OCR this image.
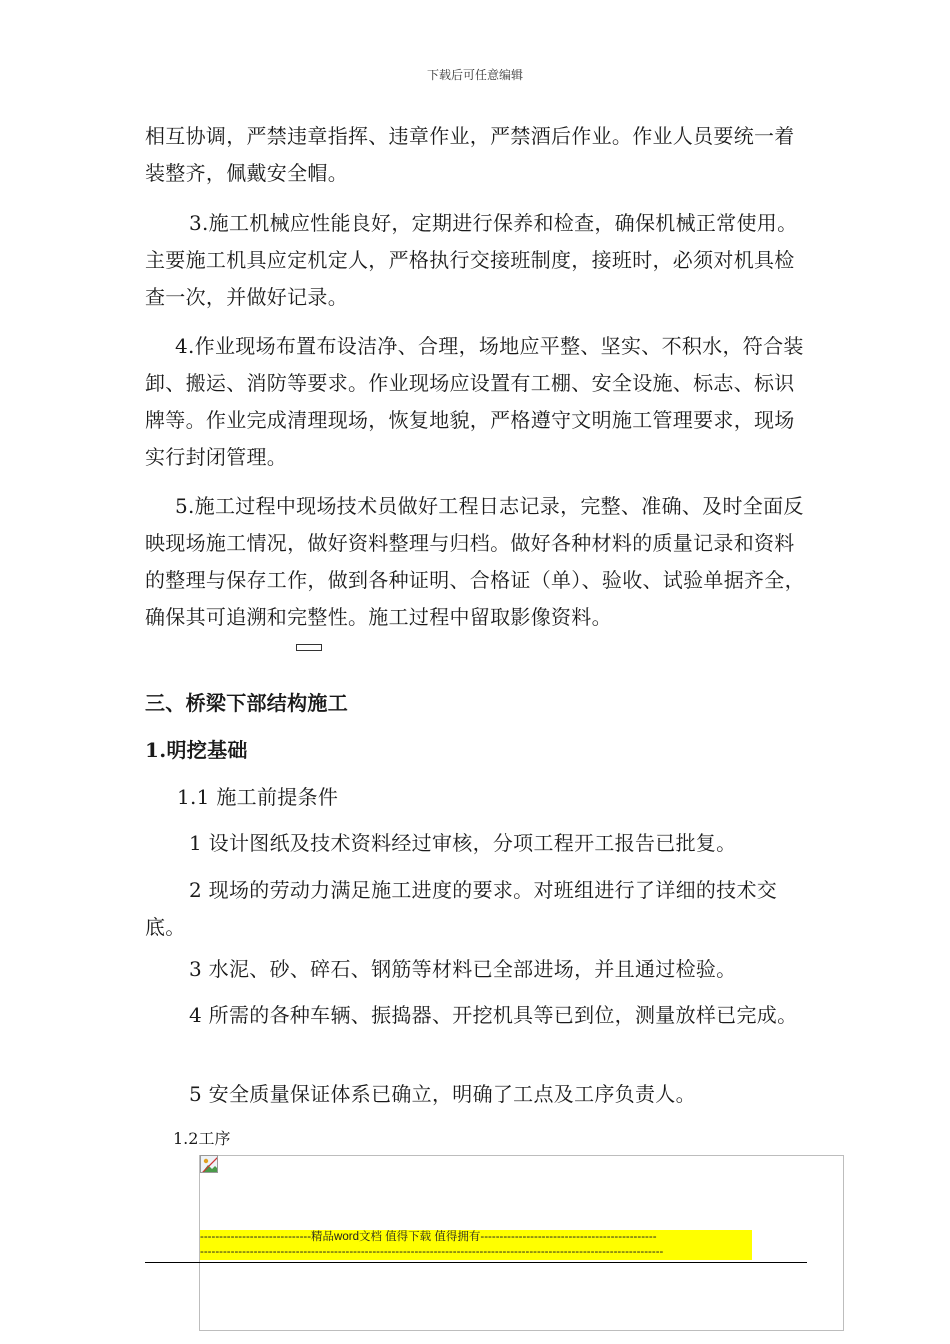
下载后可任意编辑

相互协调，严禁违章指挥、违章作业，严禁酒后作业。作业人员要统一着装整齐，佩戴安全帽。

3.施工机械应性能良好，定期进行保养和检查，确保机械正常使用。主要施工机具应定机定人，严格执行交接班制度，接班时，必须对机具检查一次，并做好记录。

4.作业现场布置布设洁净、合理，场地应平整、坚实、不积水，符合装卸、搬运、消防等要求。作业现场应设置有工棚、安全设施、标志、标识牌等。作业完成清理现场，恢复地貌，严格遵守文明施工管理要求，现场实行封闭管理。

5.施工过程中现场技术员做好工程日志记录，完整、准确、及时全面反映现场施工情况，做好资料整理与归档。做好各种材料的质量记录和资料的整理与保存工作，做到各种证明、合格证（单）、验收、试验单据齐全，确保其可追溯和完整性。施工过程中留取影像资料。

三、桥梁下部结构施工

1.明挖基础

1.1 施工前提条件

1 设计图纸及技术资料经过审核，分项工程开工报告已批复。

2 现场的劳动力满足施工进度的要求。对班组进行了详细的技术交底。

3 水泥、砂、碎石、钢筋等材料已全部进场，并且通过检验。

4 所需的各种车辆、振捣器、开挖机具等已到位，测量放样已完成。

5 安全质量保证体系已确立，明确了工点及工序负责人。

1.2工序
-----------------------------精品word文档 值得下载 值得拥有----------------------------------------------
-------------------------------------------------------------------------------------------------------------------------
